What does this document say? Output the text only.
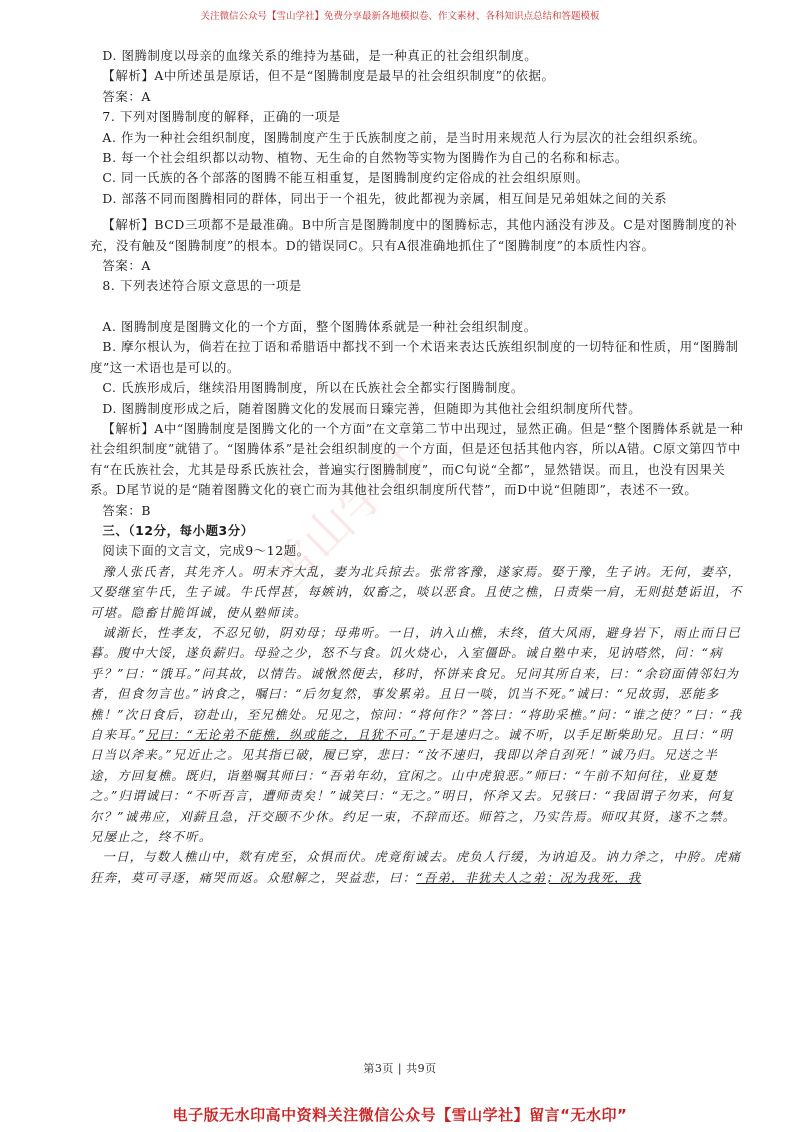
关注微信公众号【雪山学社】免费分享最新各地模拟卷、作文素材、各科知识点总结和答题模板
雪山学社

D. 图腾制度以母亲的血缘关系的维持为基础，是一种真正的社会组织制度。

【解析】A中所述虽是原话，但不是“图腾制度是最早的社会组织制度”的依据。

答案：A

7. 下列对图腾制度的解释，正确的一项是

A. 作为一种社会组织制度，图腾制度产生于氏族制度之前，是当时用来规范人行为层次的社会组织系统。

B. 每一个社会组织都以动物、植物、无生命的自然物等实物为图腾作为自己的名称和标志。

C. 同一氏族的各个部落的图腾不能互相重复，是图腾制度约定俗成的社会组织原则。

D. 部落不同而图腾相同的群体，同出于一个祖先，彼此都视为亲属，相互间是兄弟姐妹之间的关系

【解析】BCD三项都不是最准确。B中所言是图腾制度中的图腾标志，其他内涵没有涉及。C是对图腾制度的补充，没有触及“图腾制度”的根本。D的错误同C。只有A很准确地抓住了“图腾制度”的本质性内容。

答案：A

8. 下列表述符合原文意思的一项是

A. 图腾制度是图腾文化的一个方面，整个图腾体系就是一种社会组织制度。

B. 摩尔根认为，倘若在拉丁语和希腊语中都找不到一个术语来表达氏族组织制度的一切特征和性质，用“图腾制度”这一术语也是可以的。

C. 氏族形成后，继续沿用图腾制度，所以在氏族社会全都实行图腾制度。

D. 图腾制度形成之后，随着图腾文化的发展而日臻完善，但随即为其他社会组织制度所代替。

【解析】A中“图腾制度是图腾文化的一个方面”在文章第二节中出现过，显然正确。但是“整个图腾体系就是一种社会组织制度”就错了。“图腾体系”是社会组织制度的一个方面，但是还包括其他内容，所以A错。C原文第四节中有“在氏族社会，尤其是母系氏族社会，普遍实行图腾制度”，而C句说“全都”，显然错误。而且，也没有因果关系。D尾节说的是“随着图腾文化的衰亡而为其他社会组织制度所代替”，而D中说“但随即”，表述不一致。

答案：B

三、（12分，每小题3分）

阅读下面的文言文，完成9～12题。

豫人张氏者，其先齐人。明末齐大乱，妻为北兵掠去。张常客豫，遂家焉。娶于豫，生子讷。无何，妻卒，又娶继室牛氏，生子诚。牛氏悍甚，每嫉讷，奴畜之，啖以恶食。且使之樵，日责柴一肩，无则挞楚诟诅，不可堪。隐畜甘脆饵诚，使从塾师读。

诚渐长，性孝友，不忍兄劬，阴劝母；母弗听。一日，讷入山樵，未终，值大风雨，避身岩下，雨止而日已暮。腹中大馁，遂负薪归。母验之少，怒不与食。饥火烧心，入室僵卧。诚自塾中来，见讷嗒然，问：“病乎？”曰：“饿耳。”问其故，以情告。诚愀然便去，移时，怀饼来食兄。兄问其所自来，曰：“余窃面倩邻妇为者，但食勿言也。”讷食之，嘱曰：“后勿复然，事发累弟。且日一啖，饥当不死。”诚曰：“兄故弱，恶能多樵！”次日食后，窃赴山，至兄樵处。兄见之，惊问：“将何作？”答曰：“将助采樵。”问：“谁之使？”曰：“我自来耳。”兄曰：“无论弟不能樵，纵或能之，且犹不可。”于是速归之。诚不听，以手足断柴助兄。且曰：“明日当以斧来。”兄近止之。见其指已破，履已穿，悲曰：“汝不速归，我即以斧自刭死！”诚乃归。兄送之半途，方回复樵。既归，诣塾嘱其师曰：“吾弟年幼，宜闲之。山中虎狼恶。”师曰：“午前不知何往，业夏楚之。”归谓诚曰：“不听吾言，遭师责矣！”诚笑曰：“无之。”明日，怀斧又去。兄骇曰：“我固谓子勿来，何复尔？”诚弗应，刈薪且急，汗交颐不少休。约足一束，不辞而还。师笞之，乃实告焉。师叹其贤，遂不之禁。兄屡止之，终不听。

一日，与数人樵山中，欻有虎至，众惧而伏。虎竟衔诚去。虎负人行缓，为讷追及。讷力斧之，中胯。虎痛狂奔，莫可寻逐，痛哭而返。众慰解之，哭益悲，曰：“吾弟，非犹夫人之弟；况为我死，我

第3页 | 共9页
电子版无水印高中资料关注微信公众号【雪山学社】留言“无水印”
